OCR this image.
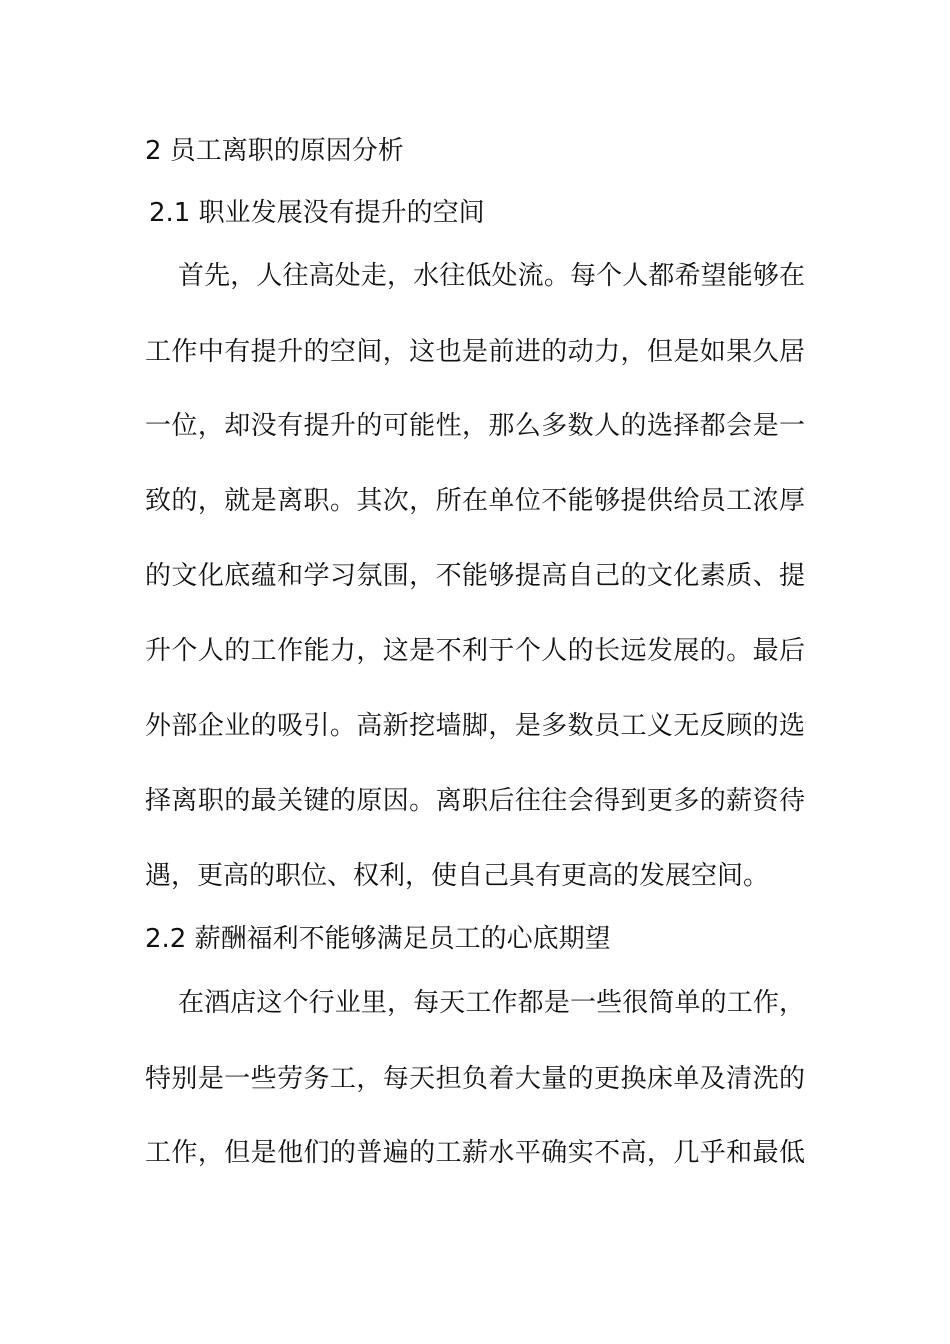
2 员工离职的原因分析
2.1 职业发展没有提升的空间
首先，人往高处走，水往低处流。每个人都希望能够在
工作中有提升的空间，这也是前进的动力，但是如果久居
一位，却没有提升的可能性，那么多数人的选择都会是一
致的，就是离职。其次，所在单位不能够提供给员工浓厚
的文化底蕴和学习氛围，不能够提高自己的文化素质、提
升个人的工作能力，这是不利于个人的长远发展的。最后
外部企业的吸引。高新挖墙脚，是多数员工义无反顾的选
择离职的最关键的原因。离职后往往会得到更多的薪资待
遇，更高的职位、权利，使自己具有更高的发展空间。
2.2 薪酬福利不能够满足员工的心底期望
在酒店这个行业里，每天工作都是一些很简单的工作，
特别是一些劳务工，每天担负着大量的更换床单及清洗的
工作，但是他们的普遍的工薪水平确实不高，几乎和最低
